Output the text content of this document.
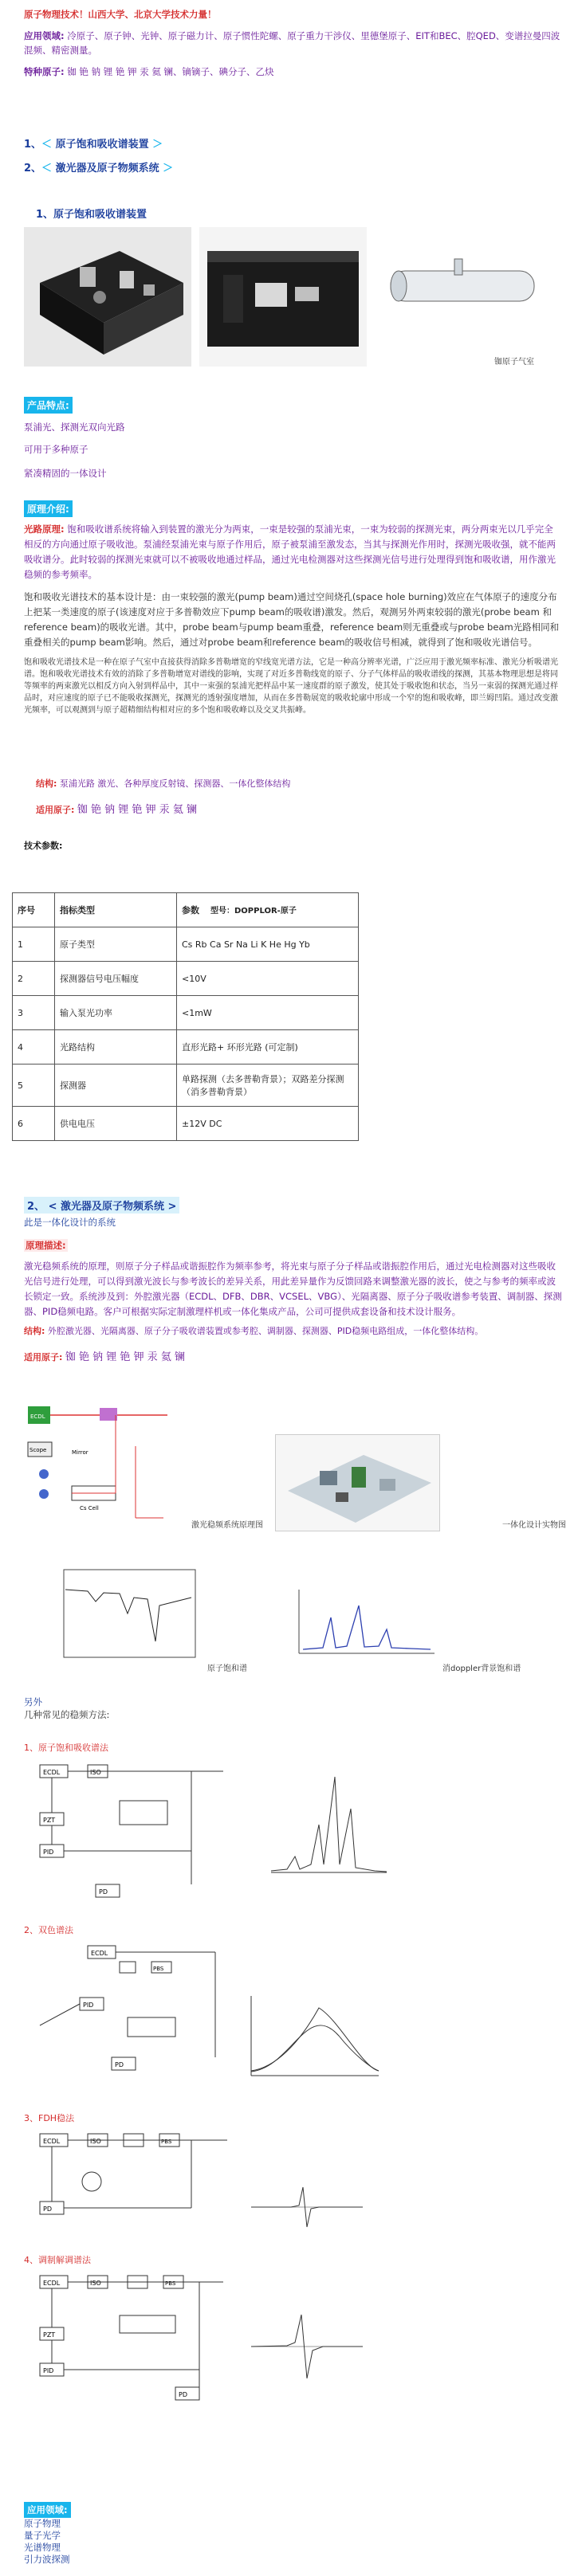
原子物理技术！山西大学、北京大学技术力量！
应用领域: 冷原子、原子钟、光钟、原子磁力计、原子惯性陀螺、原子重力干涉仪、里德堡原子、EIT和BEC、腔QED、变谱拉曼四波混频、精密测量。
特种原子: 铷 铯 钠 锂 铯 钾 汞 氦 镧、镝镝子、碘分子、乙炔
1、＜ 原子饱和吸收谱装置 ＞
2、＜ 激光器及原子物频系统 ＞
1、原子饱和吸收谱装置
铷原子气室
产品特点:
泵浦光、探测光双向光路
可用于多种原子
紧凑精固的一体设计
原理介绍:
光路原理: 饱和吸收谱系统将输入到装置的激光分为两束，一束是较强的泵浦光束，一束为较弱的探测光束，两分两束光以几乎完全相反的方向通过原子吸收池。泵浦经泵浦光束与原子作用后，原子被泵浦至激发态，当其与探测光作用时，探测光吸收强，就不能两吸收谱分。此时较弱的探测光束就可以不被吸收地通过样品，通过光电检测器对这些探测光信号进行处理得到饱和吸收谱，用作激光稳频的参考频率。
饱和吸收光谱技术的基本设计是：由一束较强的激光(pump beam)通过空间烧孔(space hole burning)效应在气体原子的速度分布上把某一类速度的原子(该速度对应于多普勒效应下pump beam的吸收谱)激发。然后，观测另外两束较弱的激光(probe beam 和 reference beam)的吸收光谱。其中，probe beam与pump beam重叠，reference beam则无重叠或与probe beam光路相同和重叠相关的pump beam影响。然后，通过对probe beam和reference beam的吸收信号相减，就得到了饱和吸收光谱信号。
饱和吸收光谱技术是一种在原子气室中直接获得消除多普勒增宽的窄线宽光谱方法，它是一种高分辨率光谱，广泛应用于激光频率标准、激光分析吸谱光谱。饱和吸收光谱技术有效的消除了多普勒增宽对谱线的影响，实现了对近多普勒线宽的原子、分子气体样品的吸收谱线的探测，其基本物理思想是将同等频率的两束激光以相反方向入射到样品中，其中一束强的泵浦光把样品中某一速度群的原子激发，使其处于吸收饱和状态，当另一束弱的探测光通过样品时，对应速度的原子已不能吸收探测光，探测光的透射强度增加，从而在多普勒展宽的吸收轮廓中形成一个窄的饱和吸收峰，即兰姆凹陷。通过改变激光频率，可以观测到与原子超精细结构相对应的多个饱和吸收峰以及交叉共振峰。
结构: 泵浦光路 激光、各种厚度反射镜、探测器、一体化整体结构
适用原子: 铷 铯 钠 锂 铯 钾 汞 氦 镧
技术参数:
序号	指标类型	参数 型号：DOPPLOR-原子
1	原子类型	Cs Rb Ca Sr Na Li K He Hg Yb
2	探测器信号电压幅度	<10V
3	输入泵光功率	<1mW
4	光路结构	直形光路+ 环形光路 (可定制)
5	探测器	单路探测（去多普勒背景）；双路差分探测（消多普勒背景）
6	供电电压	±12V DC
2、 < 激光器及原子物频系统 >
此是一体化设计的系统
原理描述:
激光稳频系统的原理，则原子分子样品或谐振腔作为频率参考，将光束与原子分子样品或谐振腔作用后，通过光电检测器对这些吸收光信号进行处理，可以得到激光波长与参考波长的差异关系，用此差异量作为反馈回路来调整激光器的波长，使之与参考的频率或波长锁定一致。系统涉及到：外腔激光器（ECDL、DFB、DBR、VCSEL、VBG）、光隔离器、原子分子吸收谱参考装置、调制器、探测器、PID稳频电路。客户可根据实际定制激理样机或一体化集成产品，公司可提供成套设备和技术设计服务。
结构: 外腔激光器、光隔离器、原子分子吸收谱装置或参考腔、调制器、探测器、PID稳频电路组成，一体化整体结构。
适用原子: 铷 铯 钠 锂 铯 钾 汞 氦 镧
ECDL
Scope	Mirror
Cs Cell
激光稳频系统原理图	一体化设计实物图
原子饱和谱	消doppler背景饱和谱
另外
几种常见的稳频方法:
1、原子饱和吸收谱法
ECDL	ISO
PZT
PID
PD
2、双色谱法
ECDL
PBS
PID
PD
3、FDH稳法
ECDL	ISO	PBS
PD
4、调制解调谱法
ECDL	ISO	PBS
PZT
PID
PD
应用领域:
原子物理
量子光学
光谱物理
引力波探测
